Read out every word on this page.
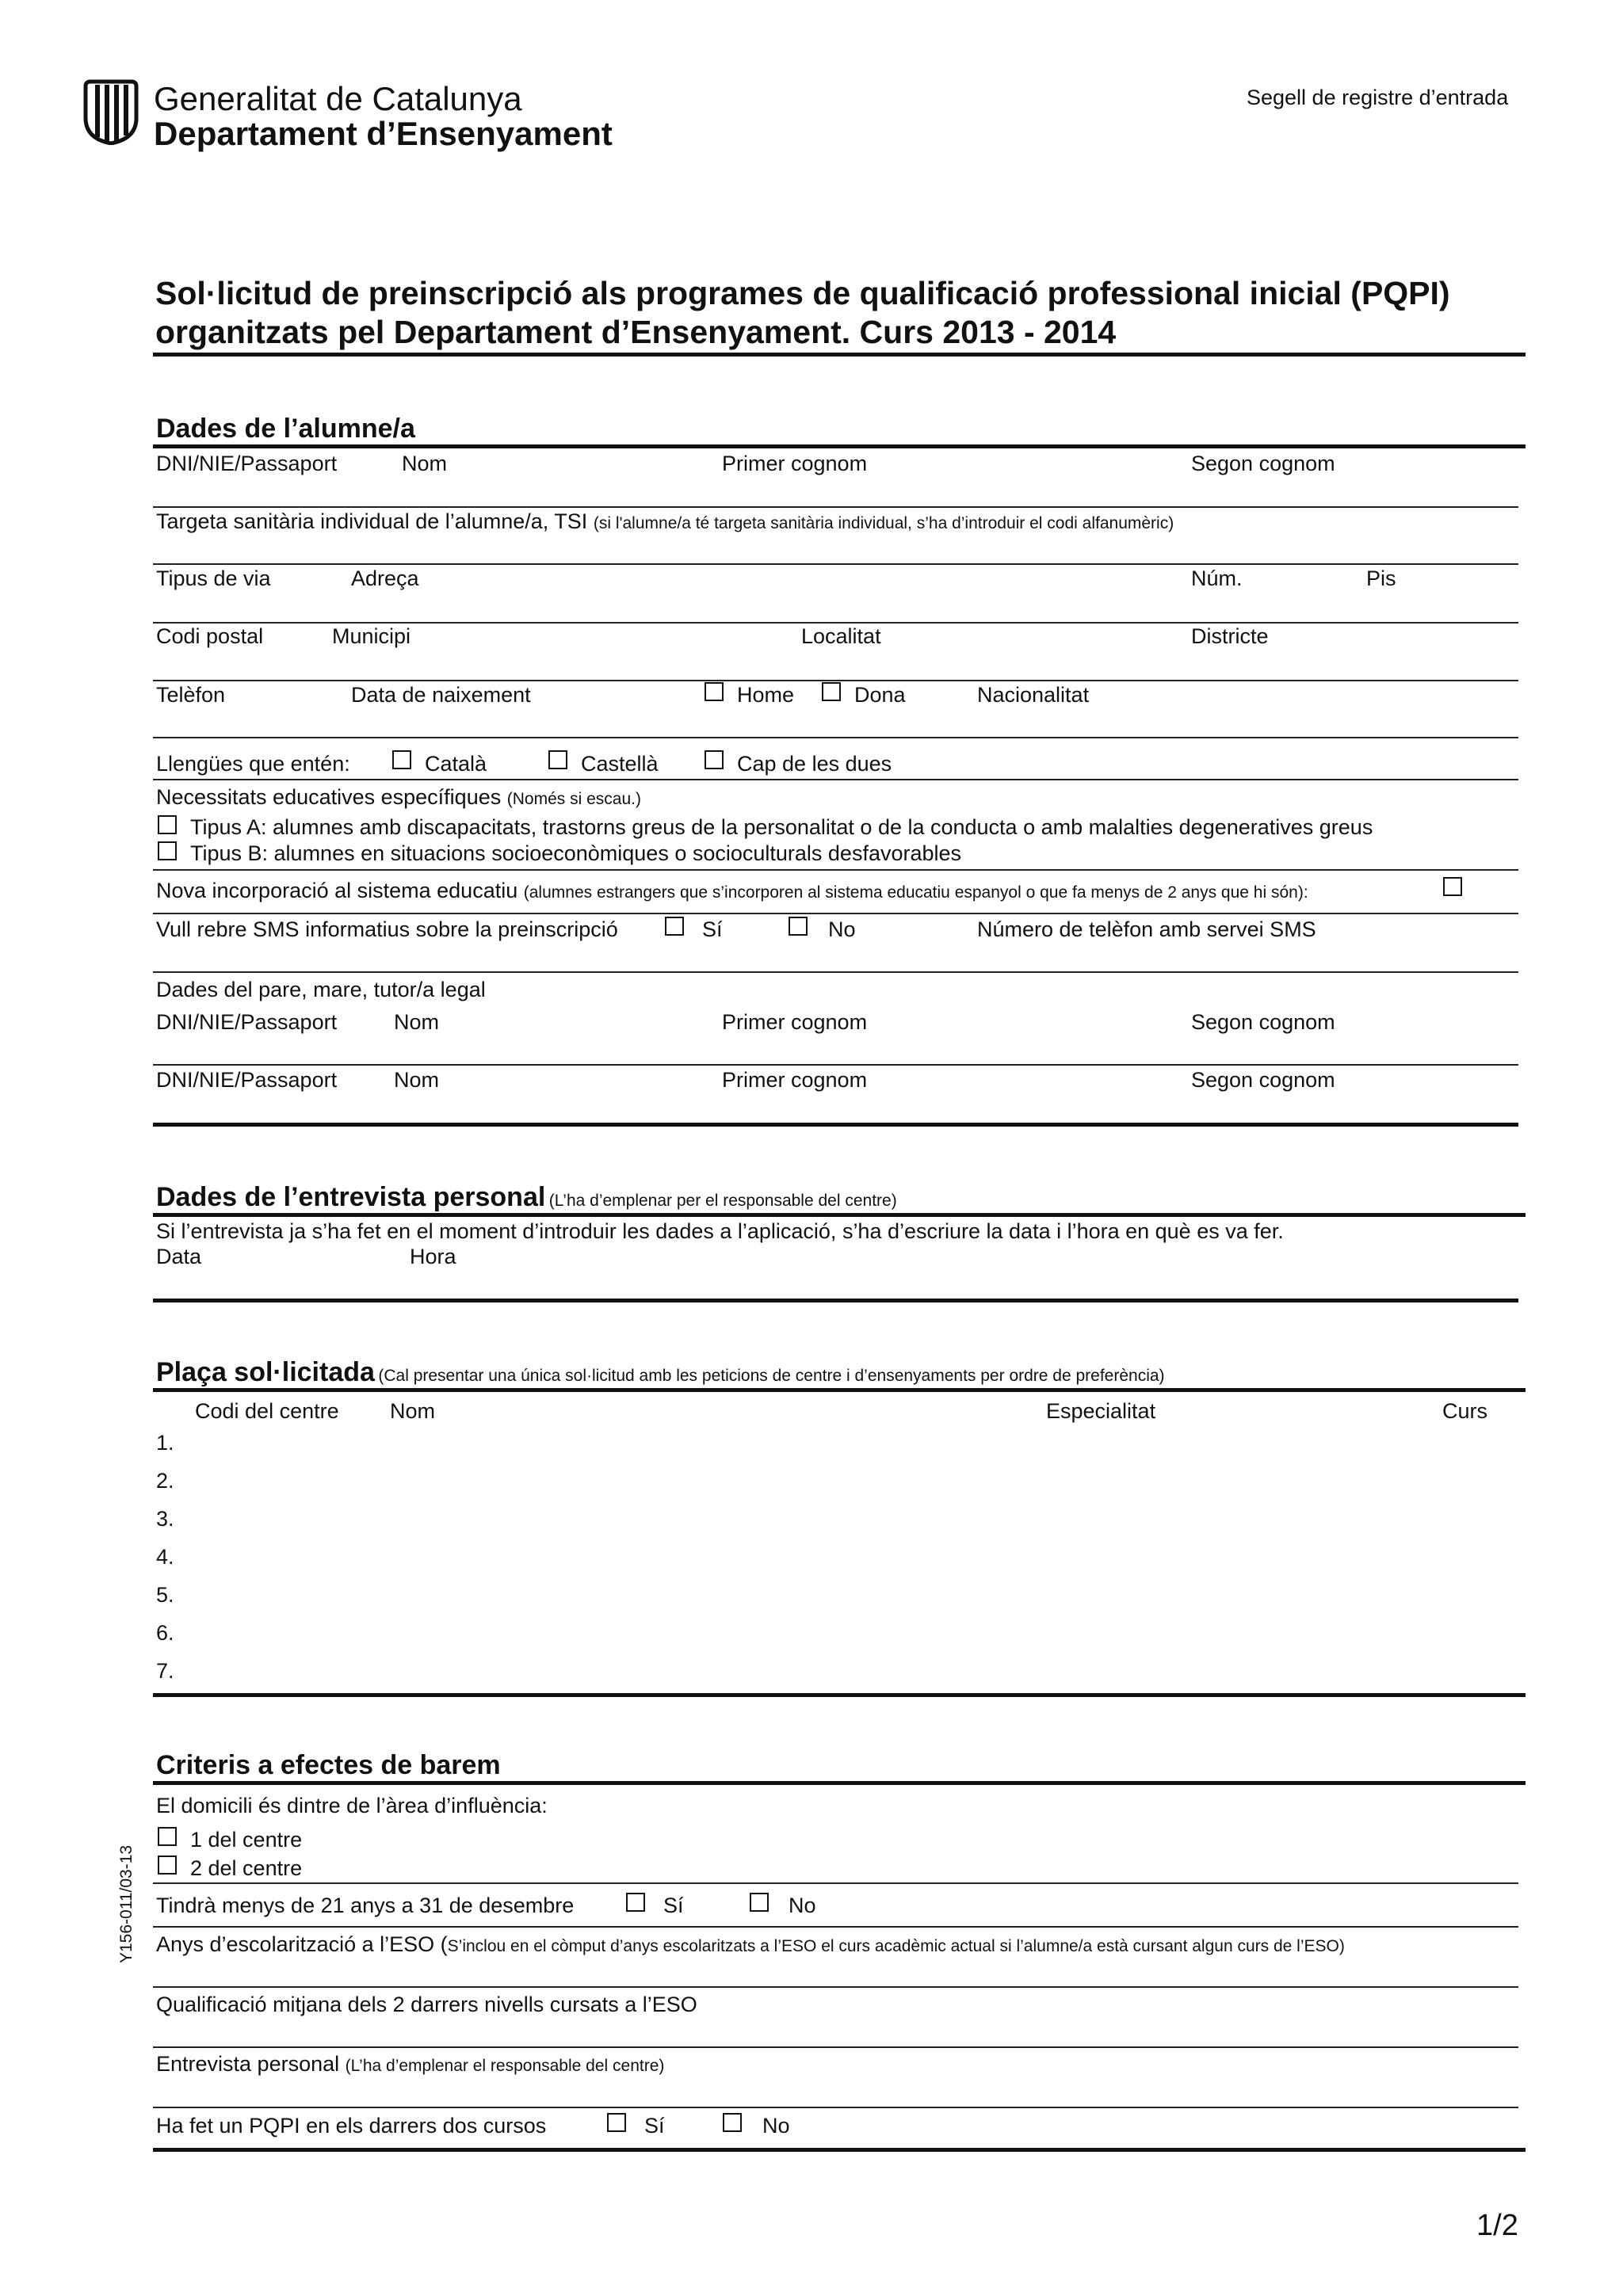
Generalitat de Catalunya
Departament d’Ensenyament
Segell de registre d’entrada
Sol·licitud de preinscripció als programes de qualificació professional inicial (PQPI)
organitzats pel Departament d’Ensenyament. Curs 2013 - 2014
Dades de l’alumne/a
DNI/NIE/Passaport	Nom	Primer cognom	Segon cognom
Targeta sanitària individual de l’alumne/a, TSI (si l'alumne/a té targeta sanitària individual, s’ha d’introduir el codi alfanumèric)
Tipus de via	Adreça	Núm.	Pis
Codi postal	Municipi	Localitat	Districte
Telèfon	Data de naixement	Home	Dona	Nacionalitat
Llengües que entén:	Català	Castellà	Cap de les dues
Necessitats educatives específiques (Només si escau.)
Tipus A: alumnes amb discapacitats, trastorns greus de la personalitat o de la conducta o amb malalties degeneratives greus
Tipus B: alumnes en situacions socioeconòmiques o socioculturals desfavorables
Nova incorporació al sistema educatiu (alumnes estrangers que s’incorporen al sistema educatiu espanyol o que fa menys de 2 anys que hi són):
Vull rebre SMS informatius sobre la preinscripció	Sí	No	Número de telèfon amb servei SMS
Dades del pare, mare, tutor/a legal
DNI/NIE/Passaport	Nom	Primer cognom	Segon cognom
DNI/NIE/Passaport	Nom	Primer cognom	Segon cognom
Dades de l’entrevista personal (L’ha d’emplenar per el responsable del centre)
Si l’entrevista ja s’ha fet en el moment d’introduir les dades a l’aplicació, s’ha d’escriure la data i l’hora en què es va fer.
Data	Hora
Plaça sol·licitada (Cal presentar una única sol·licitud amb les peticions de centre i d’ensenyaments per ordre de preferència)
Codi del centre Nom	Especialitat	Curs
1.
2.
3.
4.
5.
6.
7.
Criteris a efectes de barem
El domicili és dintre de l’àrea d’influència:
1 del centre
2 del centre
Tindrà menys de 21 anys a 31 de desembre	Sí	No
Anys d’escolarització a l’ESO (S’inclou en el còmput d’anys escolaritzats a l’ESO el curs acadèmic actual si l’alumne/a està cursant algun curs de l’ESO)
Qualificació mitjana dels 2 darrers nivells cursats a l’ESO
Entrevista personal (L’ha d’emplenar el responsable del centre)
Ha fet un PQPI en els darrers dos cursos	Sí	No
Y156-011/03-13
1/2
